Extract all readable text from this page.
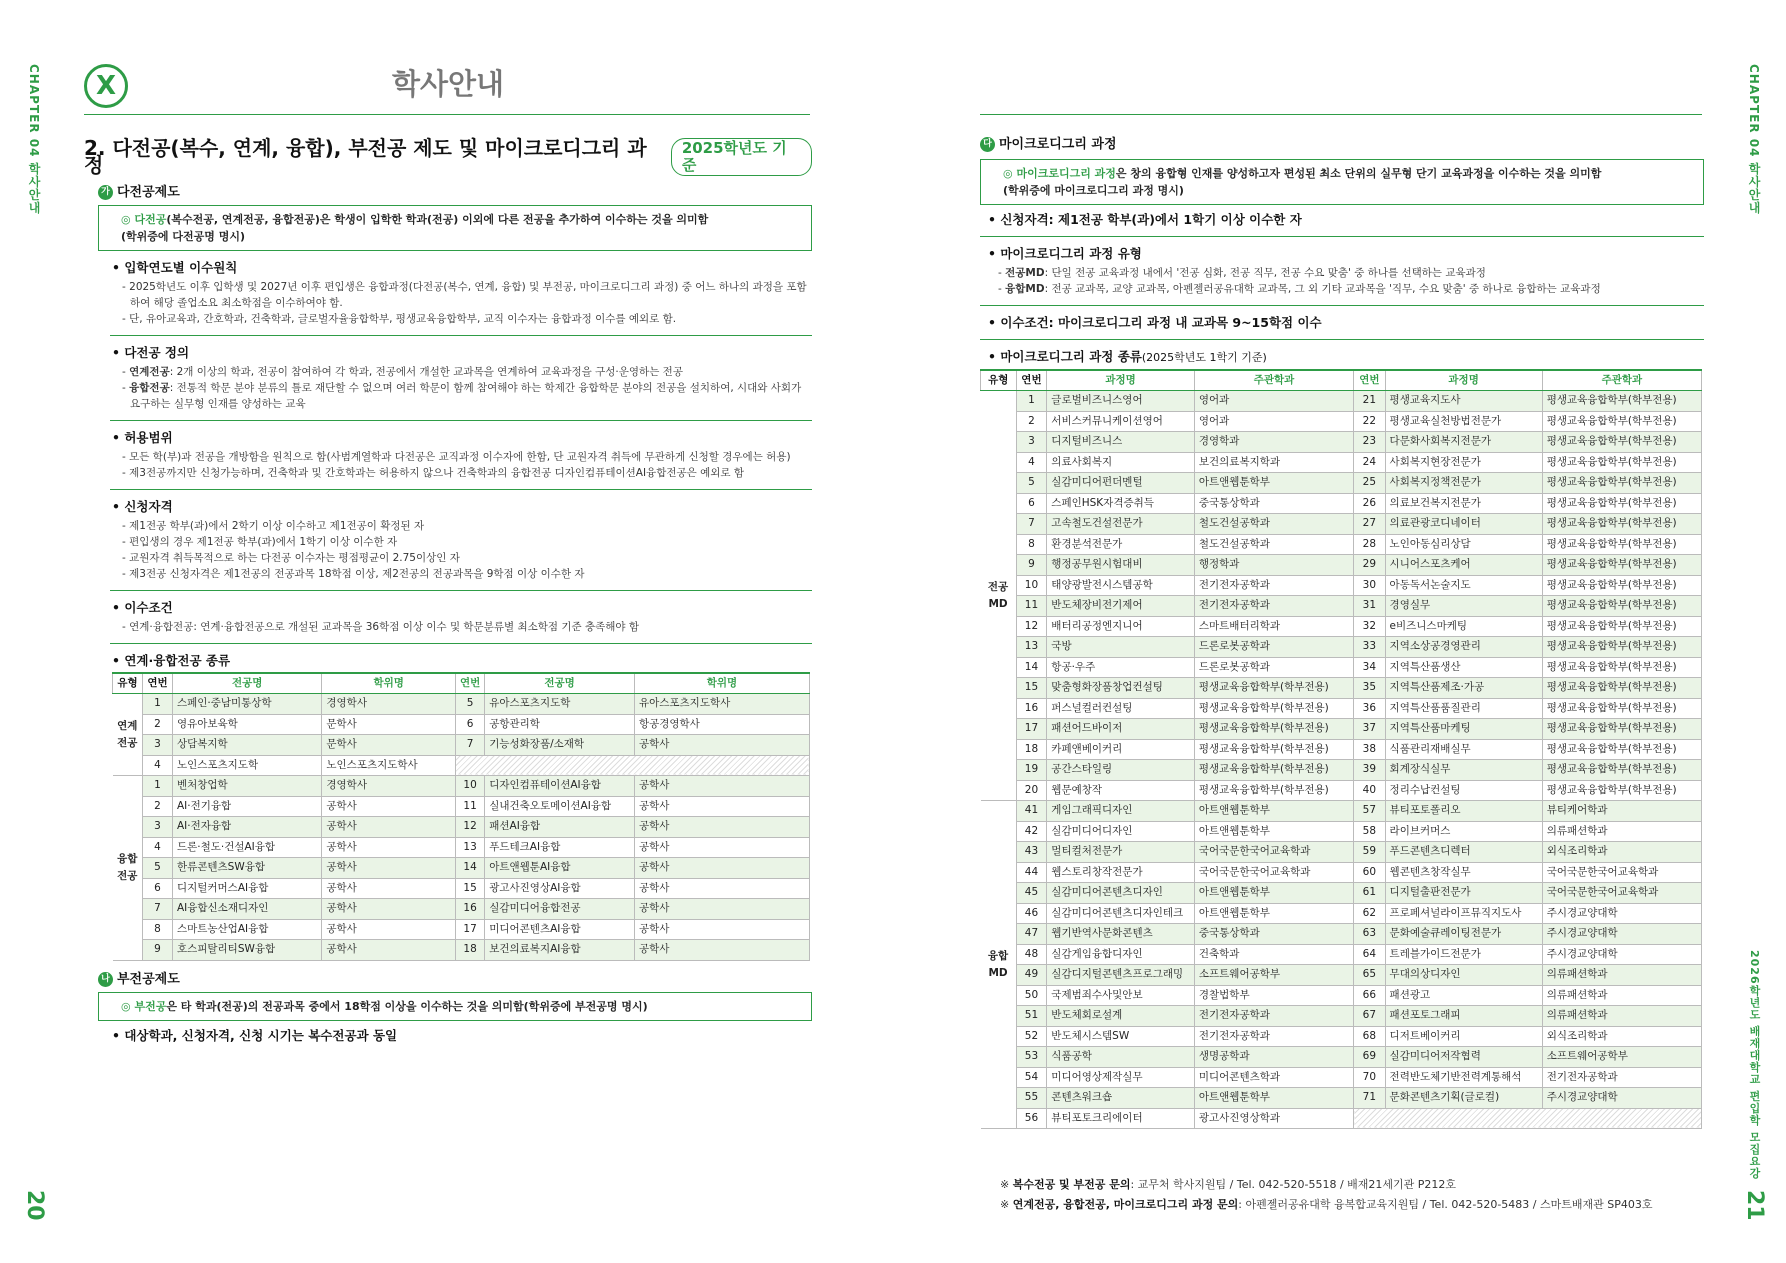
CHAPTER 04 학사안내
20
CHAPTER 04 학사안내
2026학년도 배재대학교 편입학 모집요강
21
X	학사안내
2. 다전공(복수, 연계, 융합), 부전공 제도 및 마이크로디그리 과정
2025학년도 기준
가 다전공제도
◎ 다전공(복수전공, 연계전공, 융합전공)은 학생이 입학한 학과(전공) 이외에 다른 전공을 추가하여 이수하는 것을 의미함
(학위증에 다전공명 명시)
• 입학연도별 이수원칙
- 2025학년도 이후 입학생 및 2027년 이후 편입생은 융합과정(다전공(복수, 연계, 융합) 및 부전공, 마이크로디그리 과정) 중 어느 하나의 과정을 포함하여 해당 졸업소요 최소학점을 이수하여야 함.
- 단, 유아교육과, 간호학과, 건축학과, 글로벌자율융합학부, 평생교육융합학부, 교직 이수자는 융합과정 이수를 예외로 함.
• 다전공 정의
- 연계전공: 2개 이상의 학과, 전공이 참여하여 각 학과, 전공에서 개설한 교과목을 연계하여 교육과정을 구성·운영하는 전공
- 융합전공: 전통적 학문 분야 분류의 틀로 재단할 수 없으며 여러 학문이 함께 참여해야 하는 학제간 융합학문 분야의 전공을 설치하여, 시대와 사회가 요구하는 실무형 인재를 양성하는 교육
• 허용범위
- 모든 학(부)과 전공을 개방함을 원칙으로 함(사범계열학과 다전공은 교직과정 이수자에 한함, 단 교원자격 취득에 무관하게 신청할 경우에는 허용)
- 제3전공까지만 신청가능하며, 건축학과 및 간호학과는 허용하지 않으나 건축학과의 융합전공 디자인컴퓨테이션AI융합전공은 예외로 함
• 신청자격
- 제1전공 학부(과)에서 2학기 이상 이수하고 제1전공이 확정된 자
- 편입생의 경우 제1전공 학부(과)에서 1학기 이상 이수한 자
- 교원자격 취득목적으로 하는 다전공 이수자는 평점평균이 2.75이상인 자
- 제3전공 신청자격은 제1전공의 전공과목 18학점 이상, 제2전공의 전공과목을 9학점 이상 이수한 자
• 이수조건
- 연계·융합전공: 연계·융합전공으로 개설된 교과목을 36학점 이상 이수 및 학문분류별 최소학점 기준 충족해야 함
• 연계·융합전공 종류
유형	연번	전공명	학위명	연번	전공명	학위명
연계
전공	1	스페인·중남미통상학	경영학사	5	유아스포츠지도학	유아스포츠지도학사
	2	영유아보육학	문학사	6	공항관리학	항공경영학사
	3	상담복지학	문학사	7	기능성화장품/소재학	공학사
	4	노인스포츠지도학	노인스포츠지도학사			
융합
전공	1	벤처창업학	경영학사	10	디자인컴퓨테이션AI융합	공학사
	2	AI·전기융합	공학사	11	실내건축오토메이션AI융합	공학사
	3	AI·전자융합	공학사	12	패션AI융합	공학사
	4	드론·철도·건설AI융합	공학사	13	푸드테크AI융합	공학사
	5	한류콘텐츠SW융합	공학사	14	아트앤웹툰AI융합	공학사
	6	디지털커머스AI융합	공학사	15	광고사진영상AI융합	공학사
	7	AI융합신소재디자인	공학사	16	실감미디어융합전공	공학사
	8	스마트농산업AI융합	공학사	17	미디어콘텐츠AI융합	공학사
	9	호스피탈리티SW융합	공학사	18	보건의료복지AI융합	공학사
나 부전공제도
◎ 부전공은 타 학과(전공)의 전공과목 중에서 18학점 이상을 이수하는 것을 의미함(학위증에 부전공명 명시)
• 대상학과, 신청자격, 신청 시기는 복수전공과 동일
다 마이크로디그리 과정
◎ 마이크로디그리 과정은 창의 융합형 인재를 양성하고자 편성된 최소 단위의 실무형 단기 교육과정을 이수하는 것을 의미함
(학위증에 마이크로디그리 과정 명시)
• 신청자격: 제1전공 학부(과)에서 1학기 이상 이수한 자
• 마이크로디그리 과정 유형
- 전공MD: 단일 전공 교육과정 내에서 '전공 심화, 전공 직무, 전공 수요 맞춤' 중 하나를 선택하는 교육과정
- 융합MD: 전공 교과목, 교양 교과목, 아펜젤러공유대학 교과목, 그 외 기타 교과목을 '직무, 수요 맞춤' 중 하나로 융합하는 교육과정
• 이수조건: 마이크로디그리 과정 내 교과목 9~15학점 이수
• 마이크로디그리 과정 종류(2025학년도 1학기 기준)
유형	연번	과정명	주관학과	연번	과정명	주관학과
전공
MD	1	글로벌비즈니스영어	영어과	21	평생교육지도사	평생교육융합학부(학부전용)
	2	서비스커뮤니케이션영어	영어과	22	평생교육실천방법전문가	평생교육융합학부(학부전용)
	3	디지털비즈니스	경영학과	23	다문화사회복지전문가	평생교육융합학부(학부전용)
	4	의료사회복지	보건의료복지학과	24	사회복지현장전문가	평생교육융합학부(학부전용)
	5	실감미디어펀더멘털	아트앤웹툰학부	25	사회복지정책전문가	평생교육융합학부(학부전용)
	6	스페인HSK자격증취득	중국통상학과	26	의료보건복지전문가	평생교육융합학부(학부전용)
	7	고속철도건설전문가	철도건설공학과	27	의료관광코디네이터	평생교육융합학부(학부전용)
	8	환경분석전문가	철도건설공학과	28	노인아동심리상담	평생교육융합학부(학부전용)
	9	행정공무원시험대비	행정학과	29	시니어스포츠케어	평생교육융합학부(학부전용)
	10	태양광발전시스템공학	전기전자공학과	30	아동독서논술지도	평생교육융합학부(학부전용)
	11	반도체장비전기제어	전기전자공학과	31	경영실무	평생교육융합학부(학부전용)
	12	배터리공정엔지니어	스마트배터리학과	32	e비즈니스마케팅	평생교육융합학부(학부전용)
	13	국방	드론로봇공학과	33	지역소상공경영관리	평생교육융합학부(학부전용)
	14	항공·우주	드론로봇공학과	34	지역특산품생산	평생교육융합학부(학부전용)
	15	맞춤형화장품창업컨설팅	평생교육융합학부(학부전용)	35	지역특산품제조·가공	평생교육융합학부(학부전용)
	16	퍼스널컬러컨설팅	평생교육융합학부(학부전용)	36	지역특산품품질관리	평생교육융합학부(학부전용)
	17	패션어드바이저	평생교육융합학부(학부전용)	37	지역특산품마케팅	평생교육융합학부(학부전용)
	18	카페앤베이커리	평생교육융합학부(학부전용)	38	식품관리재배실무	평생교육융합학부(학부전용)
	19	공간스타일링	평생교육융합학부(학부전용)	39	회계장식실무	평생교육융합학부(학부전용)
	20	웹문예창작	평생교육융합학부(학부전용)	40	정리수납컨설팅	평생교육융합학부(학부전용)
융합
MD	41	게임그래픽디자인	아트앤웹툰학부	57	뷰티포토폴리오	뷰티케어학과
	42	실감미디어디자인	아트앤웹툰학부	58	라이브커머스	의류패션학과
	43	멀티컬처전문가	국어국문한국어교육학과	59	푸드콘텐츠디렉터	외식조리학과
	44	웹스토리창작전문가	국어국문한국어교육학과	60	웹콘텐츠창작실무	국어국문한국어교육학과
	45	실감미디어콘텐츠디자인	아트앤웹툰학부	61	디지털출판전문가	국어국문한국어교육학과
	46	실감미디어콘텐츠디자인테크	아트앤웹툰학부	62	프로페셔널라이프뮤직지도사	주시경교양대학
	47	웹기반역사문화콘텐츠	중국통상학과	63	문화예술큐레이팅전문가	주시경교양대학
	48	실감게임융합디자인	건축학과	64	트레블가이드전문가	주시경교양대학
	49	실감디지털콘텐츠프로그래밍	소프트웨어공학부	65	무대의상디자인	의류패션학과
	50	국제범죄수사및안보	경찰법학부	66	패션광고	의류패션학과
	51	반도체회로설계	전기전자공학과	67	패션포토그래피	의류패션학과
	52	반도체시스템SW	전기전자공학과	68	디저트베이커리	외식조리학과
	53	식품공학	생명공학과	69	실감미디어저작협력	소프트웨어공학부
	54	미디어영상제작실무	미디어콘텐츠학과	70	전력반도체기반전력계통해석	전기전자공학과
	55	콘텐츠워크숍	아트앤웹툰학부	71	문화콘텐츠기획(글로컬)	주시경교양대학
	56	뷰티포토크리에이터	광고사진영상학과			
※ 복수전공 및 부전공 문의: 교무처 학사지원팀 / Tel. 042-520-5518 / 배재21세기관 P212호
※ 연계전공, 융합전공, 마이크로디그리 과정 문의: 아펜젤러공유대학 융복합교육지원팀 / Tel. 042-520-5483 / 스마트배재관 SP403호
